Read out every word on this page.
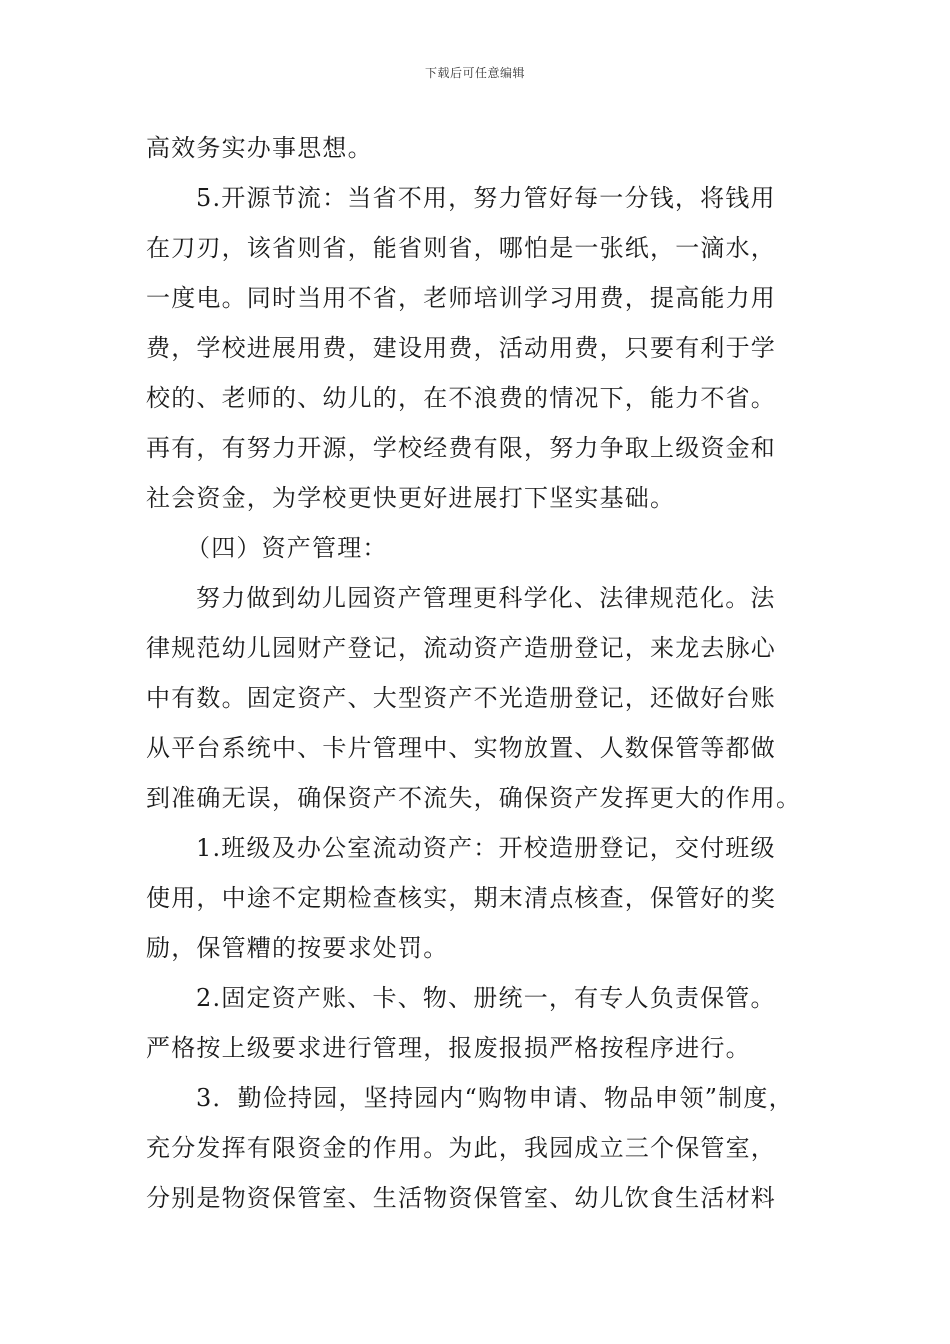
下载后可任意编辑
高效务实办事思想。
5.开源节流：当省不用，努力管好每一分钱，将钱用
在刀刃，该省则省，能省则省，哪怕是一张纸，一滴水，
一度电。同时当用不省，老师培训学习用费，提高能力用
费，学校进展用费，建设用费，活动用费，只要有利于学
校的、老师的、幼儿的，在不浪费的情况下，能力不省。
再有，有努力开源，学校经费有限，努力争取上级资金和
社会资金，为学校更快更好进展打下坚实基础。
（四）资产管理：
努力做到幼儿园资产管理更科学化、法律规范化。法
律规范幼儿园财产登记，流动资产造册登记，来龙去脉心
中有数。固定资产、大型资产不光造册登记，还做好台账
从平台系统中、卡片管理中、实物放置、人数保管等都做
到准确无误，确保资产不流失，确保资产发挥更大的作用。
1.班级及办公室流动资产：开校造册登记，交付班级
使用，中途不定期检查核实，期末清点核查，保管好的奖
励，保管糟的按要求处罚。
2.固定资产账、卡、物、册统一，有专人负责保管。
严格按上级要求进行管理，报废报损严格按程序进行。
3．勤俭持园，坚持园内“购物申请、物品申领”制度，
充分发挥有限资金的作用。为此，我园成立三个保管室，
分别是物资保管室、生活物资保管室、幼儿饮食生活材料
